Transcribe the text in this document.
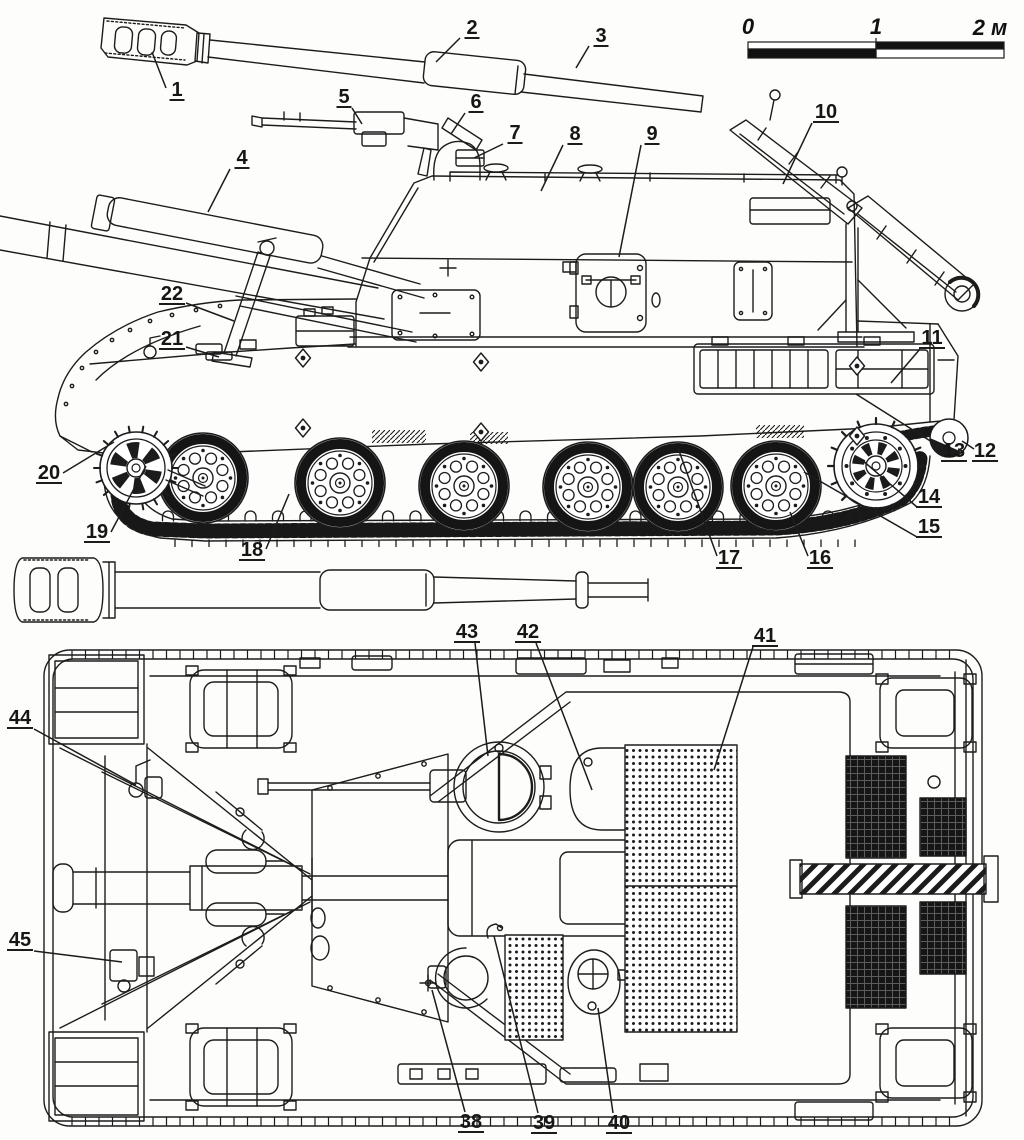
0	1	2 м
1
2	3
4
5	6
7 8	9
10
11
12
13
14
15
16
17
18
19
20
21
22
38	39	40
41
42
43
44
45
